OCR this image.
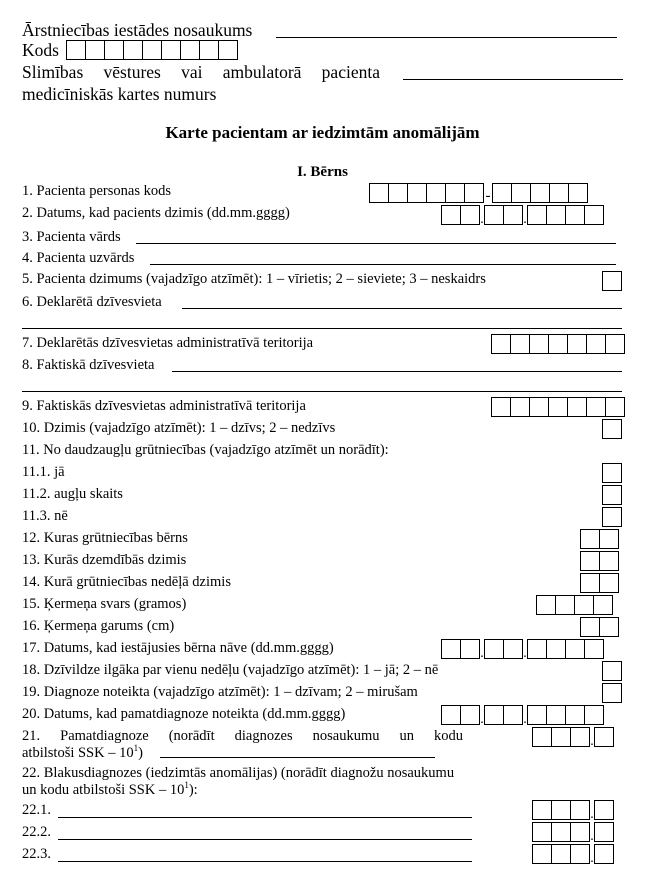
Ārstniecības iestādes nosaukums
Kods
Slimības vēstures vai ambulatorā pacienta
medicīniskās kartes numurs
Karte pacientam ar iedzimtām anomālijām
I. Bērns
1. Pacienta personas kods	-
2. Datums, kad pacients dzimis (dd.mm.gggg)	.	.
3. Pacienta vārds
4. Pacienta uzvārds
5. Pacienta dzimums (vajadzīgo atzīmēt): 1 – vīrietis; 2 – sieviete; 3 – neskaidrs
6. Deklarētā dzīvesvieta
7. Deklarētās dzīvesvietas administratīvā teritorija
8. Faktiskā dzīvesvieta
9. Faktiskās dzīvesvietas administratīvā teritorija
10. Dzimis (vajadzīgo atzīmēt): 1 – dzīvs; 2 – nedzīvs
11. No daudzaugļu grūtniecības (vajadzīgo atzīmēt un norādīt):
11.1. jā
11.2. augļu skaits
11.3. nē
12. Kuras grūtniecības bērns
13. Kurās dzemdībās dzimis
14. Kurā grūtniecības nedēļā dzimis
15. Ķermeņa svars (gramos)
16. Ķermeņa garums (cm)
17. Datums, kad iestājusies bērna nāve (dd.mm.gggg)	.	.
18. Dzīvildze ilgāka par vienu nedēļu (vajadzīgo atzīmēt): 1 – jā; 2 – nē
19. Diagnoze noteikta (vajadzīgo atzīmēt): 1 – dzīvam; 2 – mirušam
20. Datums, kad pamatdiagnoze noteikta (dd.mm.gggg)	.	.
21. Pamatdiagnoze (norādīt diagnozes nosaukumu un kodu
atbilstoši SSK – $10^1$)
.
22. Blakusdiagnozes (iedzimtās anomālijas) (norādīt diagnožu nosaukumu
un kodu atbilstoši SSK – $10^1$):
22.1.	.
22.2.	.
22.3.	.
